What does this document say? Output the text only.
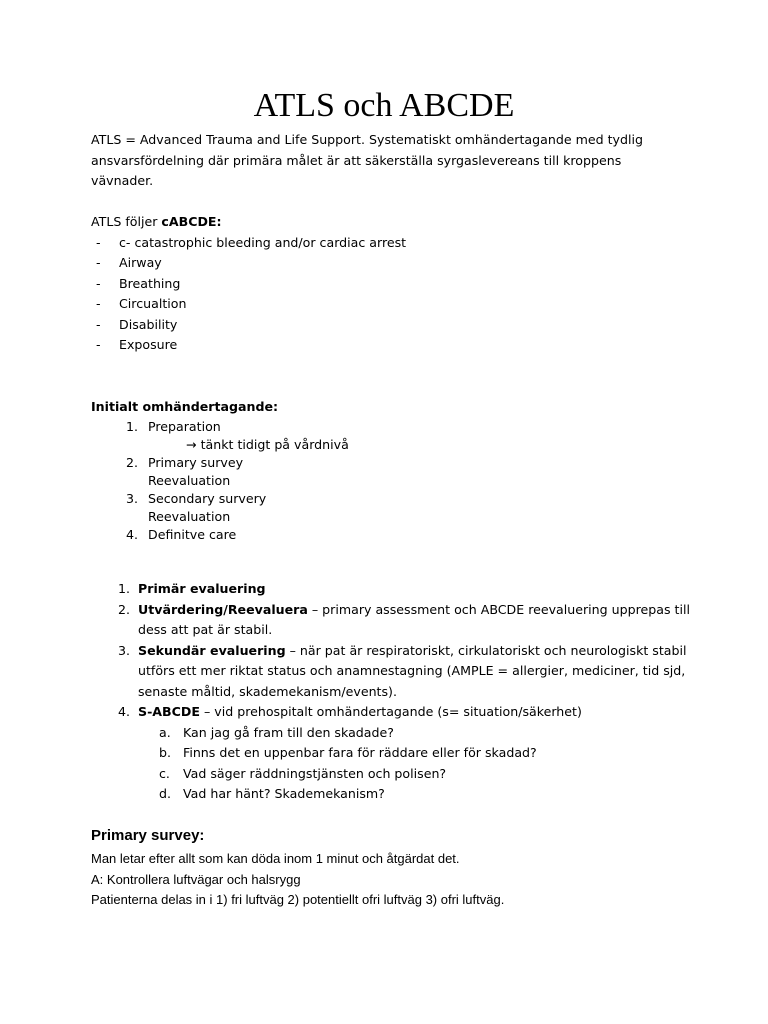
ATLS och ABCDE
ATLS = Advanced Trauma and Life Support. Systematiskt omhändertagande med tydlig
ansvarsfördelning där primära målet är att säkerställa syrgaslevereans till kroppens
vävnader.
ATLS följer cABCDE:
- c- catastrophic bleeding and/or cardiac arrest
- Airway
- Breathing
- Circualtion
- Disability
- Exposure
Initialt omhändertagande:
1. Preparation
→ tänkt tidigt på vårdnivå
2. Primary survey
Reevaluation
3. Secondary survery
Reevaluation
4. Definitve care
1. Primär evaluering
2. Utvärdering/Reevaluera – primary assessment och ABCDE reevaluering upprepas till
dess att pat är stabil.
3. Sekundär evaluering – när pat är respiratoriskt, cirkulatoriskt och neurologiskt stabil
utförs ett mer riktat status och anamnestagning (AMPLE = allergier, mediciner, tid sjd,
senaste måltid, skademekanism/events).
4. S-ABCDE – vid prehospitalt omhändertagande (s= situation/säkerhet)
a. Kan jag gå fram till den skadade?
b. Finns det en uppenbar fara för räddare eller för skadad?
c. Vad säger räddningstjänsten och polisen?
d. Vad har hänt? Skademekanism?
Primary survey:
Man letar efter allt som kan döda inom 1 minut och åtgärdat det.
A: Kontrollera luftvägar och halsrygg
Patienterna delas in i 1) fri luftväg 2) potentiellt ofri luftväg 3) ofri luftväg.
